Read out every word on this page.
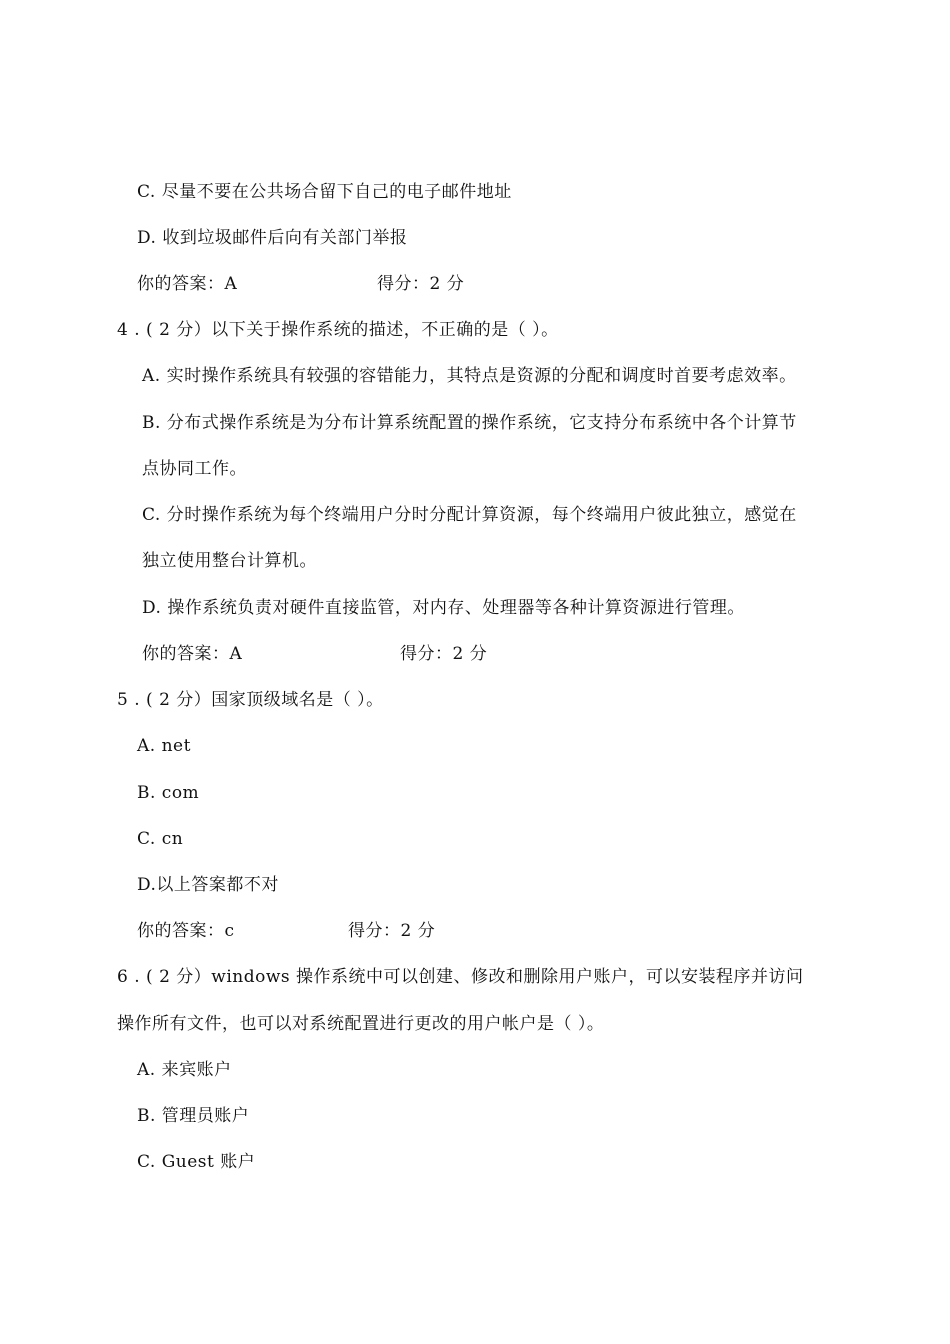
C. 尽量不要在公共场合留下自己的电子邮件地址
D. 收到垃圾邮件后向有关部门举报
你的答案：A	得分：2 分
4 . ( 2 分）以下关于操作系统的描述，不正确的是（ ）。
A. 实时操作系统具有较强的容错能力，其特点是资源的分配和调度时首要考虑效率。
B. 分布式操作系统是为分布计算系统配置的操作系统，它支持分布系统中各个计算节
点协同工作。
C. 分时操作系统为每个终端用户分时分配计算资源，每个终端用户彼此独立，感觉在
独立使用整台计算机。
D. 操作系统负责对硬件直接监管，对内存、处理器等各种计算资源进行管理。
你的答案：A	得分：2 分
5 . ( 2 分）国家顶级域名是（ ）。
A. net
B. com
C. cn
D.以上答案都不对
你的答案：c	得分：2 分
6 . ( 2 分）windows 操作系统中可以创建、修改和删除用户账户，可以安装程序并访问
操作所有文件，也可以对系统配置进行更改的用户帐户是（ ）。
A. 来宾账户
B. 管理员账户
C. Guest 账户
